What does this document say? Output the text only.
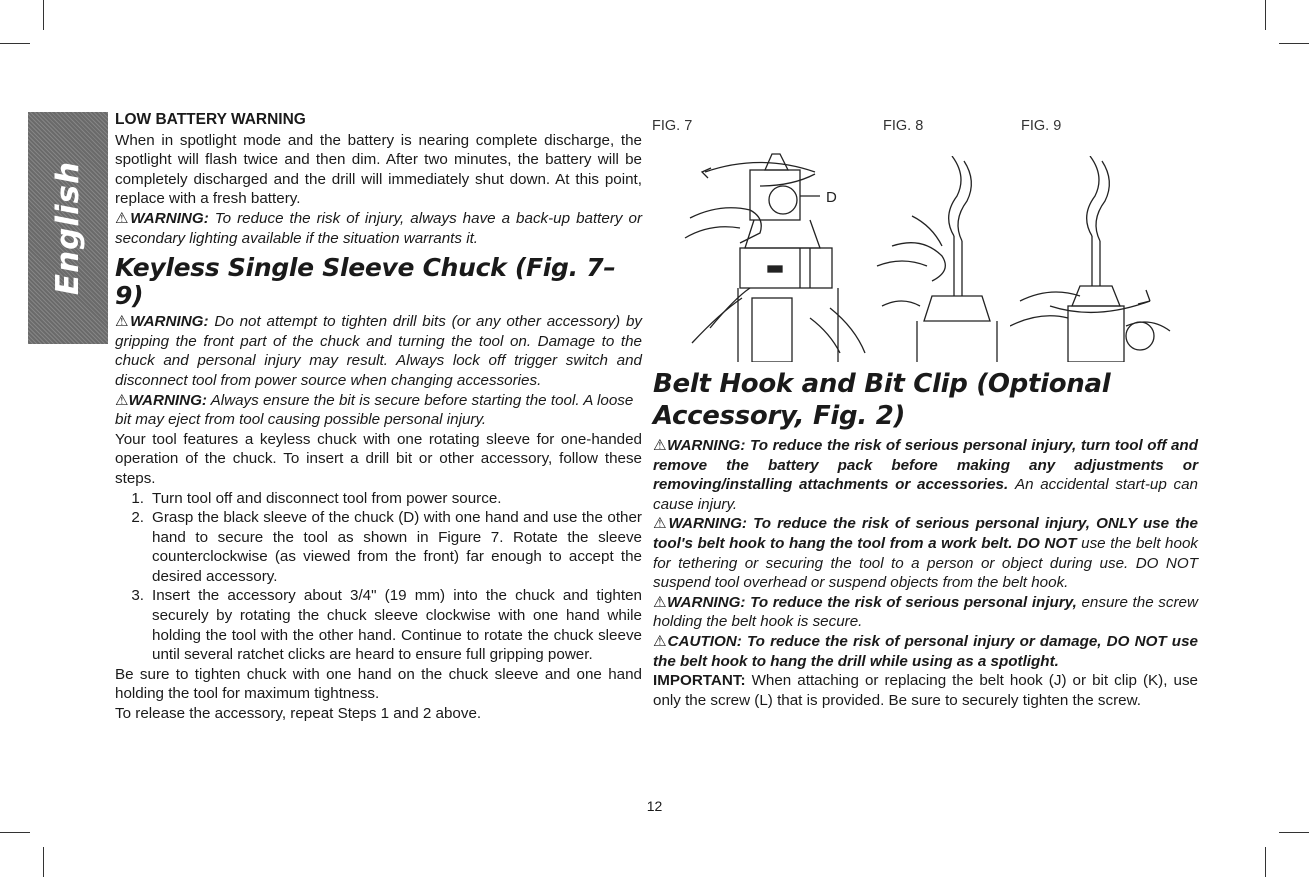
English

LOW BATTERY WARNING

When in spotlight mode and the battery is nearing complete discharge, the spotlight will flash twice and then dim. After two minutes, the battery will be completely discharged and the drill will immediately shut down. At this point, replace with a fresh battery.

⚠WARNING: To reduce the risk of injury, always have a back-up battery or secondary lighting available if the situation warrants it.

Keyless Single Sleeve Chuck (Fig. 7–9)

⚠WARNING: Do not attempt to tighten drill bits (or any other accessory) by gripping the front part of the chuck and turning the tool on. Damage to the chuck and personal injury may result. Always lock off trigger switch and disconnect tool from power source when changing accessories.

⚠WARNING: Always ensure the bit is secure before starting the tool. A loose bit may eject from tool causing possible personal injury.

Your tool features a keyless chuck with one rotating sleeve for one-handed operation of the chuck. To insert a drill bit or other accessory, follow these steps.

1. Turn tool off and disconnect tool from power source.
2. Grasp the black sleeve of the chuck (D) with one hand and use the other hand to secure the tool as shown in Figure 7. Rotate the sleeve counterclockwise (as viewed from the front) far enough to accept the desired accessory.
3. Insert the accessory about 3/4" (19 mm) into the chuck and tighten securely by rotating the chuck sleeve clockwise with one hand while holding the tool with the other hand. Continue to rotate the chuck sleeve until several ratchet clicks are heard to ensure full gripping power.

Be sure to tighten chuck with one hand on the chuck sleeve and one hand holding the tool for maximum tightness.

To release the accessory, repeat Steps 1 and 2 above.

FIG. 7	FIG. 8	FIG. 9
D

Belt Hook and Bit Clip (Optional Accessory, Fig. 2)

⚠WARNING: To reduce the risk of serious personal injury, turn tool off and remove the battery pack before making any adjustments or removing/installing attachments or accessories. An accidental start-up can cause injury.

⚠WARNING: To reduce the risk of serious personal injury, ONLY use the tool's belt hook to hang the tool from a work belt. DO NOT use the belt hook for tethering or securing the tool to a person or object during use. DO NOT suspend tool overhead or suspend objects from the belt hook.

⚠WARNING: To reduce the risk of serious personal injury, ensure the screw holding the belt hook is secure.

⚠CAUTION: To reduce the risk of personal injury or damage, DO NOT use the belt hook to hang the drill while using as a spotlight.

IMPORTANT: When attaching or replacing the belt hook (J) or bit clip (K), use only the screw (L) that is provided. Be sure to securely tighten the screw.

12
